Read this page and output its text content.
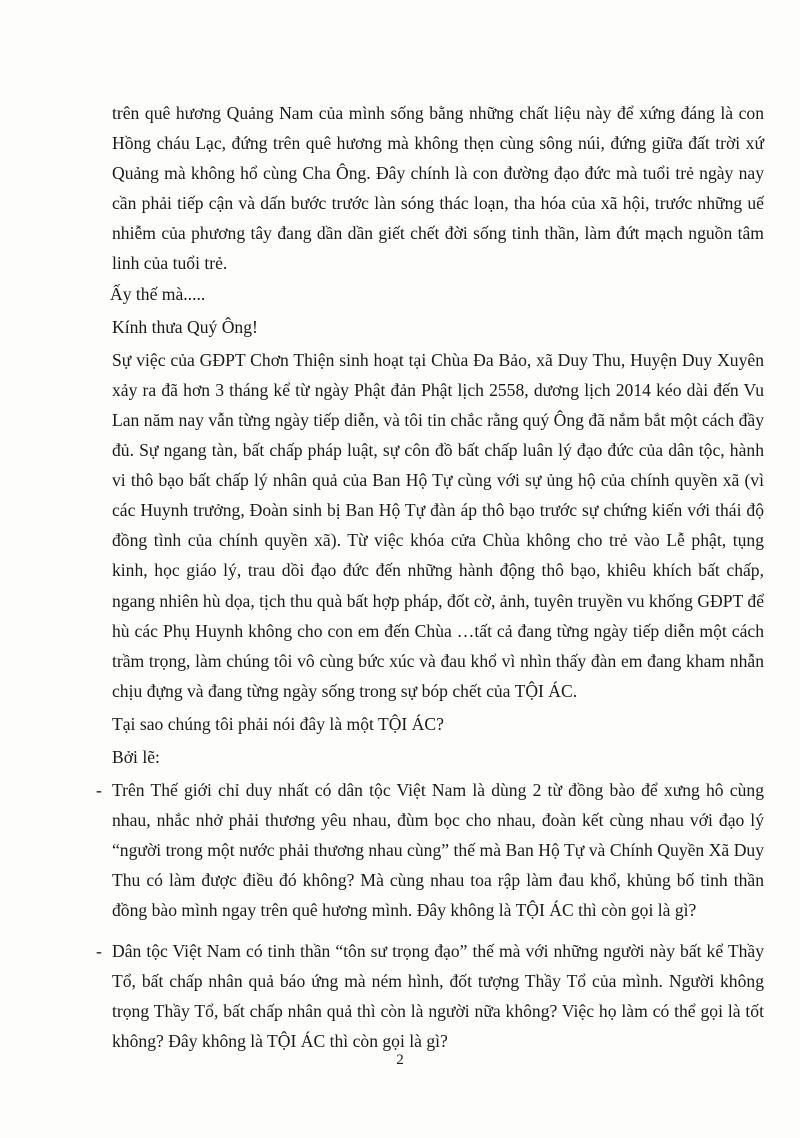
trên quê hương Quảng Nam của mình sống bằng những chất liệu này để xứng đáng là con Hồng cháu Lạc, đứng trên quê hương mà không thẹn cùng sông núi, đứng giữa đất trời xứ Quảng mà không hổ cùng Cha Ông. Đây chính là con đường đạo đức mà tuổi trẻ ngày nay cần phải tiếp cận và dấn bước trước làn sóng thác loạn, tha hóa của xã hội, trước những uế nhiễm của phương tây đang dần dần giết chết đời sống tinh thần, làm đứt mạch nguồn tâm linh của tuổi trẻ.

Ấy thế mà.....

Kính thưa Quý Ông!

Sự việc của GĐPT Chơn Thiện sinh hoạt tại Chùa Đa Bảo, xã Duy Thu, Huyện Duy Xuyên xảy ra đã hơn 3 tháng kể từ ngày Phật đản Phật lịch 2558, dương lịch 2014 kéo dài đến Vu Lan năm nay vẫn từng ngày tiếp diễn, và tôi tin chắc rằng quý Ông đã nắm bắt một cách đầy đủ. Sự ngang tàn, bất chấp pháp luật, sự côn đồ bất chấp luân lý đạo đức của dân tộc, hành vi thô bạo bất chấp lý nhân quả của Ban Hộ Tự cùng với sự ủng hộ của chính quyền xã (vì các Huynh trưởng, Đoàn sinh bị Ban Hộ Tự đàn áp thô bạo trước sự chứng kiến với thái độ đồng tình của chính quyền xã). Từ việc khóa cửa Chùa không cho trẻ vào Lễ phật, tụng kinh, học giáo lý, trau dồi đạo đức đến những hành động thô bạo, khiêu khích bất chấp, ngang nhiên hù dọa, tịch thu quà bất hợp pháp, đốt cờ, ảnh, tuyên truyền vu khống GĐPT để hù các Phụ Huynh không cho con em đến Chùa …tất cả đang từng ngày tiếp diễn một cách trầm trọng, làm chúng tôi vô cùng bức xúc và đau khổ vì nhìn thấy đàn em đang kham nhẫn chịu đựng và đang từng ngày sống trong sự bóp chết của TỘI ÁC.

Tại sao chúng tôi phải nói đây là một TỘI ÁC?

Bởi lẽ:

- Trên Thế giới chỉ duy nhất có dân tộc Việt Nam là dùng 2 từ đồng bào để xưng hô cùng nhau, nhắc nhở phải thương yêu nhau, đùm bọc cho nhau, đoàn kết cùng nhau với đạo lý “người trong một nước phải thương nhau cùng” thế mà Ban Hộ Tự và Chính Quyền Xã Duy Thu có làm được điều đó không? Mà cùng nhau toa rập làm đau khổ, khủng bố tinh thần đồng bào mình ngay trên quê hương mình. Đây không là TỘI ÁC thì còn gọi là gì?
- Dân tộc Việt Nam có tinh thần “tôn sư trọng đạo” thế mà với những người này bất kể Thầy Tổ, bất chấp nhân quả báo ứng mà ném hình, đốt tượng Thầy Tổ của mình. Người không trọng Thầy Tổ, bất chấp nhân quả thì còn là người nữa không? Việc họ làm có thể gọi là tốt không? Đây không là TỘI ÁC thì còn gọi là gì?
2
